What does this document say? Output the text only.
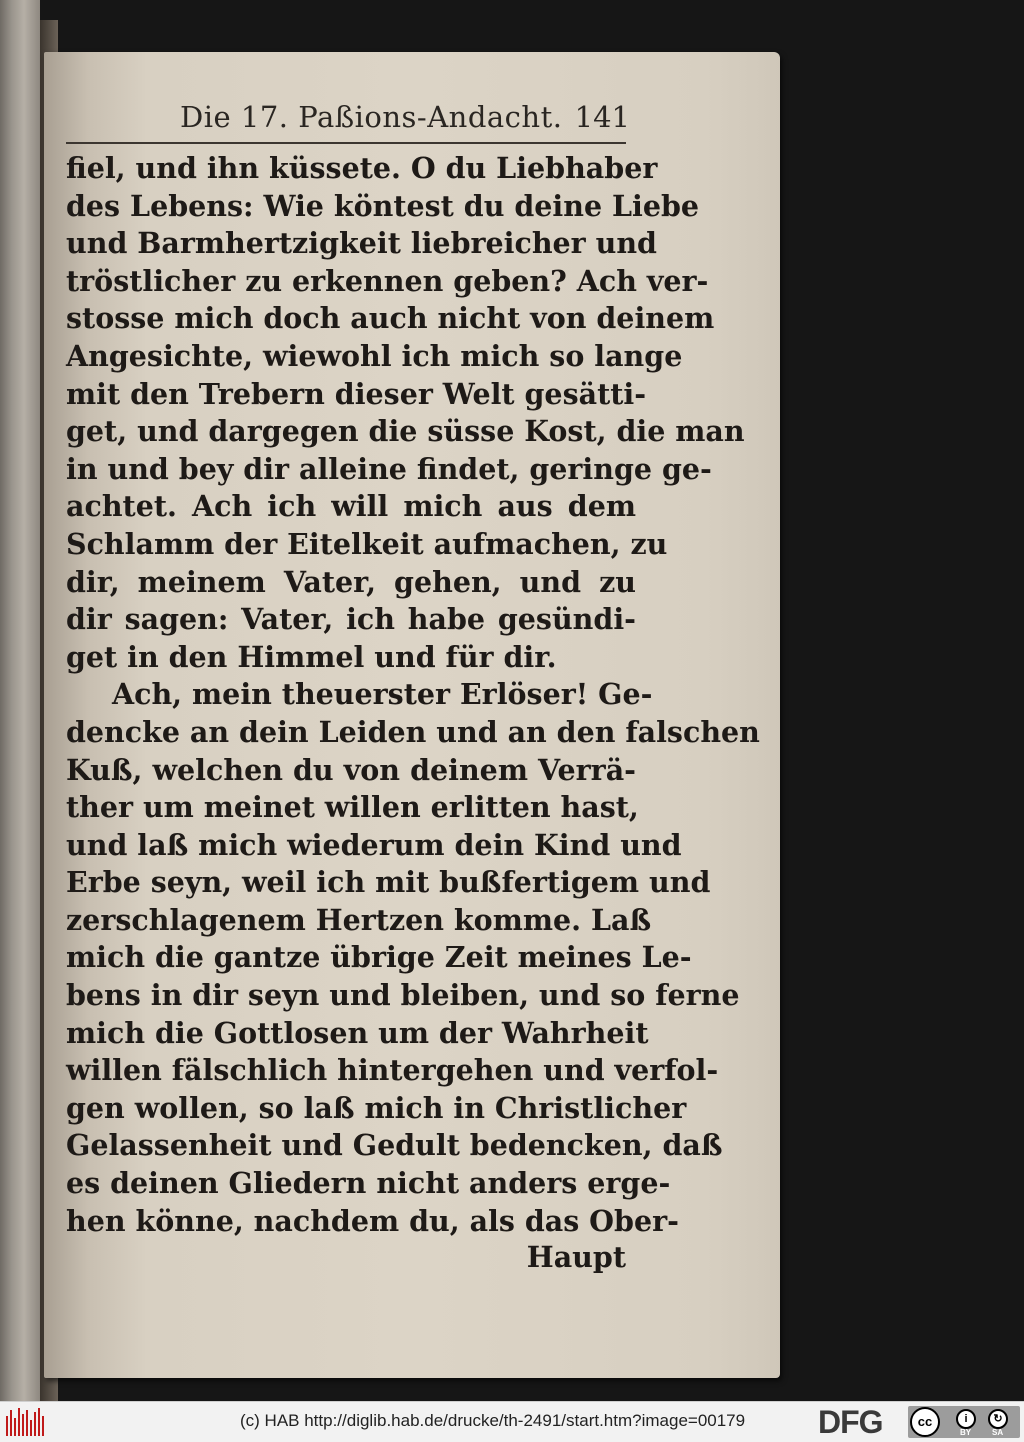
Die 17. Paßions-Andacht. 141
fiel, und ihn küssete. O du Liebhaber
des Lebens: Wie köntest du deine Liebe
und Barmhertzigkeit liebreicher und
tröstlicher zu erkennen geben? Ach ver-
stosse mich doch auch nicht von deinem
Angesichte, wiewohl ich mich so lange
mit den Trebern dieser Welt gesätti-
get, und dargegen die süsse Kost, die man
in und bey dir alleine findet, geringe ge-
achtet. Ach ich will mich aus dem
Schlamm der Eitelkeit aufmachen, zu
dir, meinem Vater, gehen, und zu
dir sagen: Vater, ich habe gesündi-
get in den Himmel und für dir.
Ach, mein theuerster Erlöser! Ge-
dencke an dein Leiden und an den falschen
Kuß, welchen du von deinem Verrä-
ther um meinet willen erlitten hast,
und laß mich wiederum dein Kind und
Erbe seyn, weil ich mit bußfertigem und
zerschlagenem Hertzen komme. Laß
mich die gantze übrige Zeit meines Le-
bens in dir seyn und bleiben, und so ferne
mich die Gottlosen um der Wahrheit
willen fälschlich hintergehen und verfol-
gen wollen, so laß mich in Christlicher
Gelassenheit und Gedult bedencken, daß
es deinen Gliedern nicht anders erge-
hen könne, nachdem du, als das Ober-
Haupt
(c) HAB http://diglib.hab.de/drucke/th-2491/start.htm?image=00179 DFG	cc	i
BY
↻
SA
